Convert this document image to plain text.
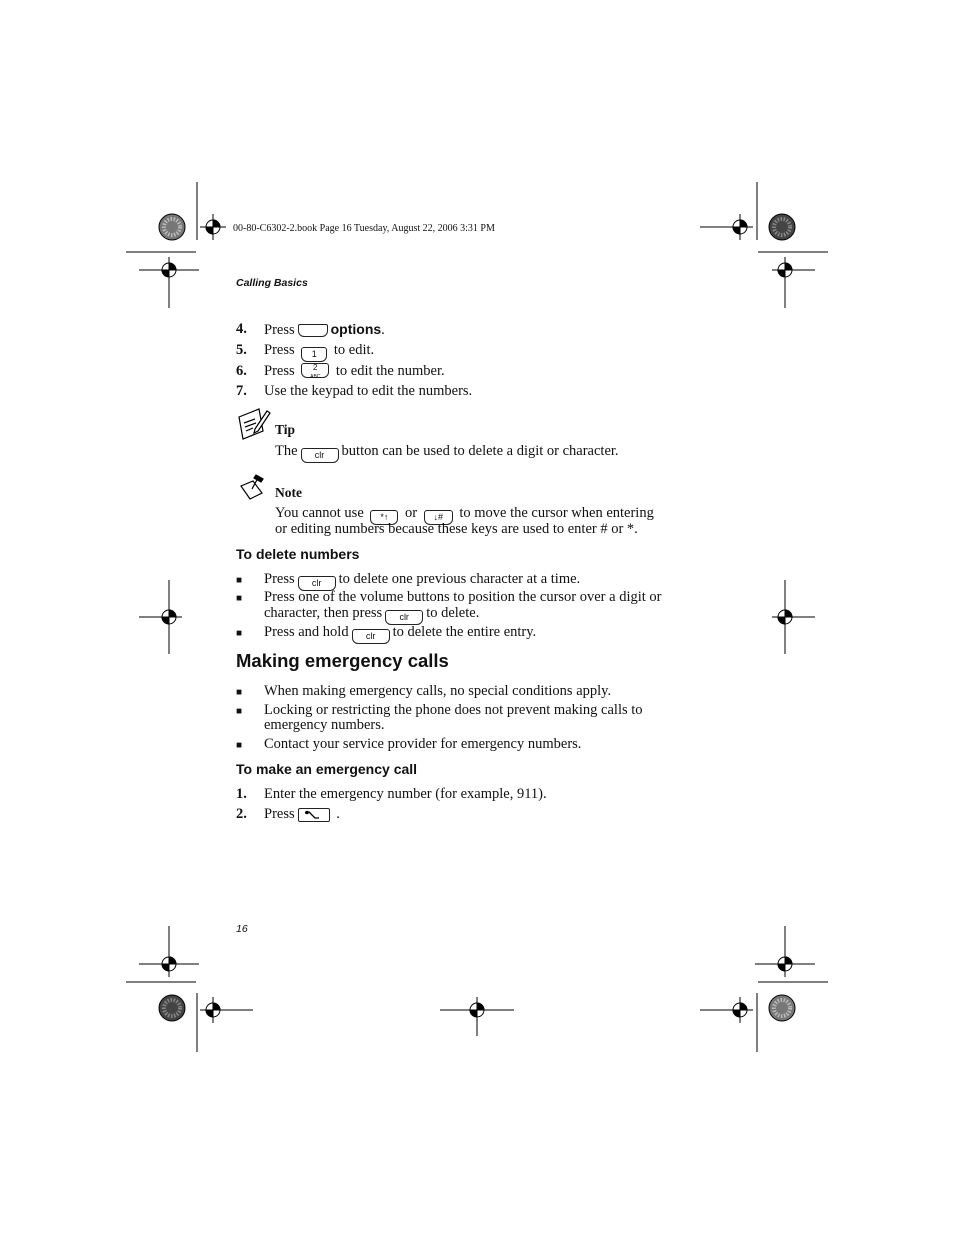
00-80-C6302-2.book Page 16 Tuesday, August 22, 2006 3:31 PM
Calling Basics
4. Press	options.
5. Press 1 to edit.
6. Press 2
ABC to edit the number.
7. Use the keypad to edit the numbers.
Tip
The clr button can be used to delete a digit or character.
Note
You cannot use *↑ or ↓# to move the cursor when entering
or editing numbers because these keys are used to enter # or *.
To delete numbers
■ Press clr to delete one previous character at a time.
■ Press one of the volume buttons to position the cursor over a digit or
character, then press clr to delete.
■ Press and hold clr to delete the entire entry.
Making emergency calls
■ When making emergency calls, no special conditions apply.
■ Locking or restricting the phone does not prevent making calls to
emergency numbers.
■ Contact your service provider for emergency numbers.
To make an emergency call
1. Enter the emergency number (for example, 911).
2. Press	.
16
